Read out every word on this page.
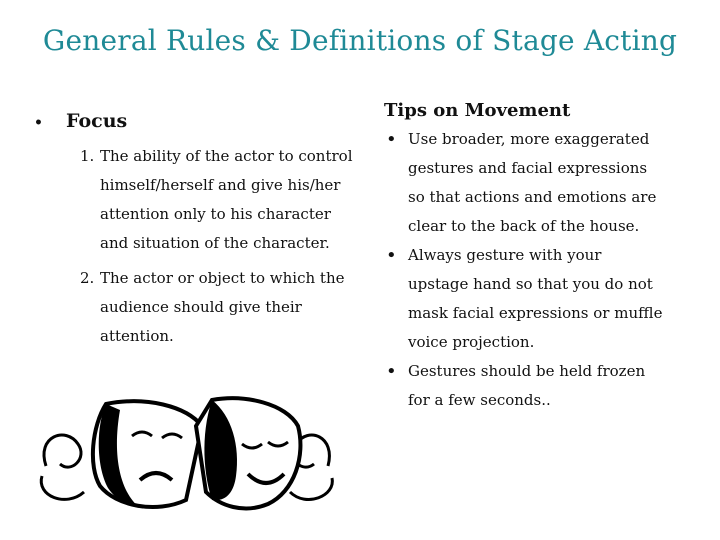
General Rules & Definitions of Stage Acting
• Focus
1. The ability of the actor to control himself/herself and give his/her attention only to his character and situation of the character.
2. The actor or object to which the audience should give their attention.
Tips on Movement
• Use broader, more exaggerated gestures and facial expressions so that actions and emotions are clear to the back of the house.
• Always gesture with your upstage hand so that you do not mask facial expressions or muffle voice projection.
• Gestures should be held frozen for a few seconds..
